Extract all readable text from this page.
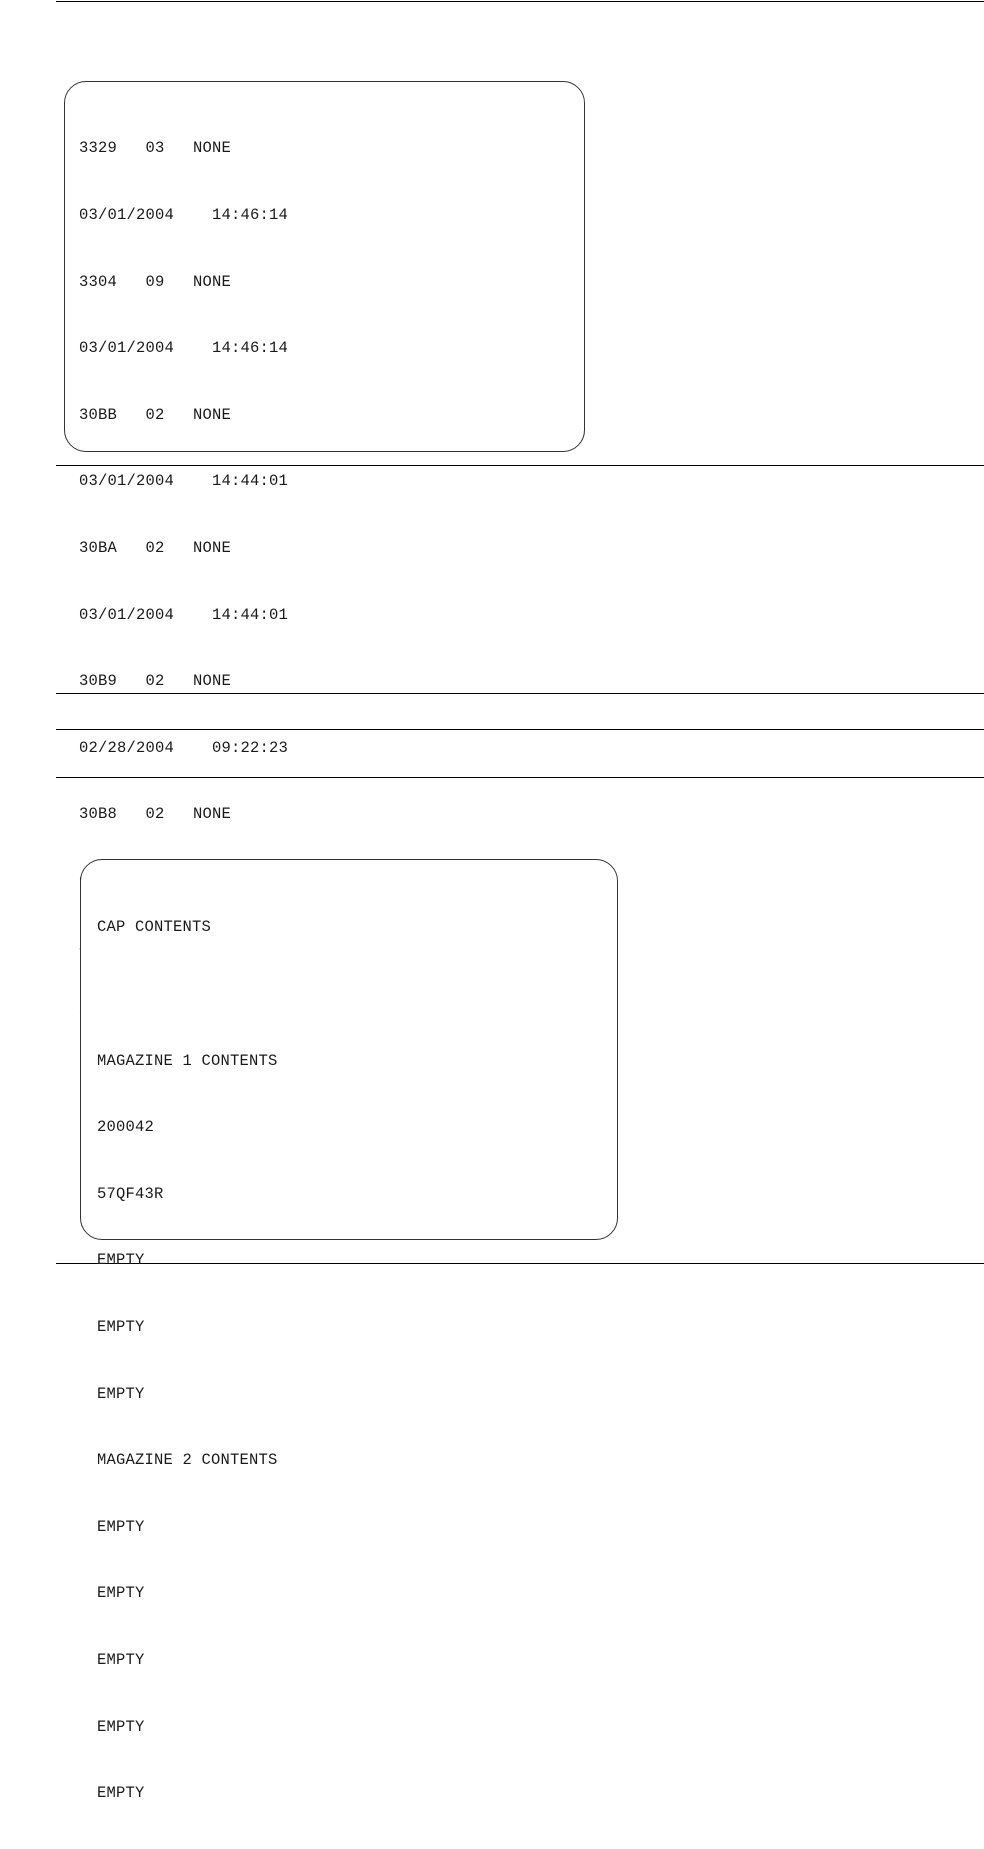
3329   03   NONE

03/01/2004    14:46:14

3304   09   NONE

03/01/2004    14:46:14

30BB   02   NONE

03/01/2004    14:44:01

30BA   02   NONE

03/01/2004    14:44:01

30B9   02   NONE

02/28/2004    09:22:23

30B8   02   NONE

CAP CONTENTS

MAGAZINE 1 CONTENTS

200042

57QF43R

EMPTY

EMPTY

EMPTY

MAGAZINE 2 CONTENTS

EMPTY

EMPTY

EMPTY

EMPTY

EMPTY
